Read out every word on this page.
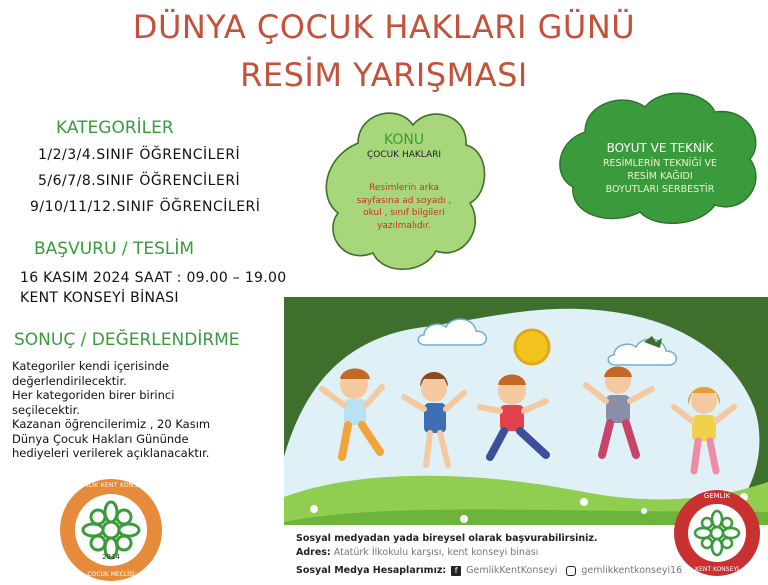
DÜNYA ÇOCUK HAKLARI GÜNÜ
RESİM YARIŞMASI
KATEGORİLER
1/2/3/4.SINIF ÖĞRENCİLERİ
5/6/7/8.SINIF ÖĞRENCİLERİ
9/10/11/12.SINIF ÖĞRENCİLERİ
BAŞVURU / TESLİM
16 KASIM 2024 SAAT : 09.00 – 19.00
KENT KONSEYİ BİNASI
SONUÇ / DEĞERLENDİRME
Kategoriler kendi içerisinde
değerlendirilecektir.
Her kategoriden birer birinci
seçilecektir.
Kazanan öğrencilerimiz , 20 Kasım
Dünya Çocuk Hakları Gününde
hediyeleri verilerek açıklanacaktır.
KONU
ÇOCUK HAKLARI
Resimlerin arka
sayfasına ad soyadı ,
okul , sınıf bilgileri
yazılmalıdır.
BOYUT VE TEKNİK
RESİMLERİN TEKNİĞİ VE
RESİM KAĞIDI
BOYUTLARI SERBESTİR
Sosyal medyadan yada bireysel olarak başvurabilirsiniz.
Adres: Atatürk İlkokulu karşısı, kent konseyi binası
Sosyal Medya Hesaplarımız:	f GemlikKentKonseyi	gemlikkentkonseyi16
GEMLİK KENT KONSEYİ
2014
ÇOCUK MECLİSİ
GEMLİK
KENT KONSEYİ
